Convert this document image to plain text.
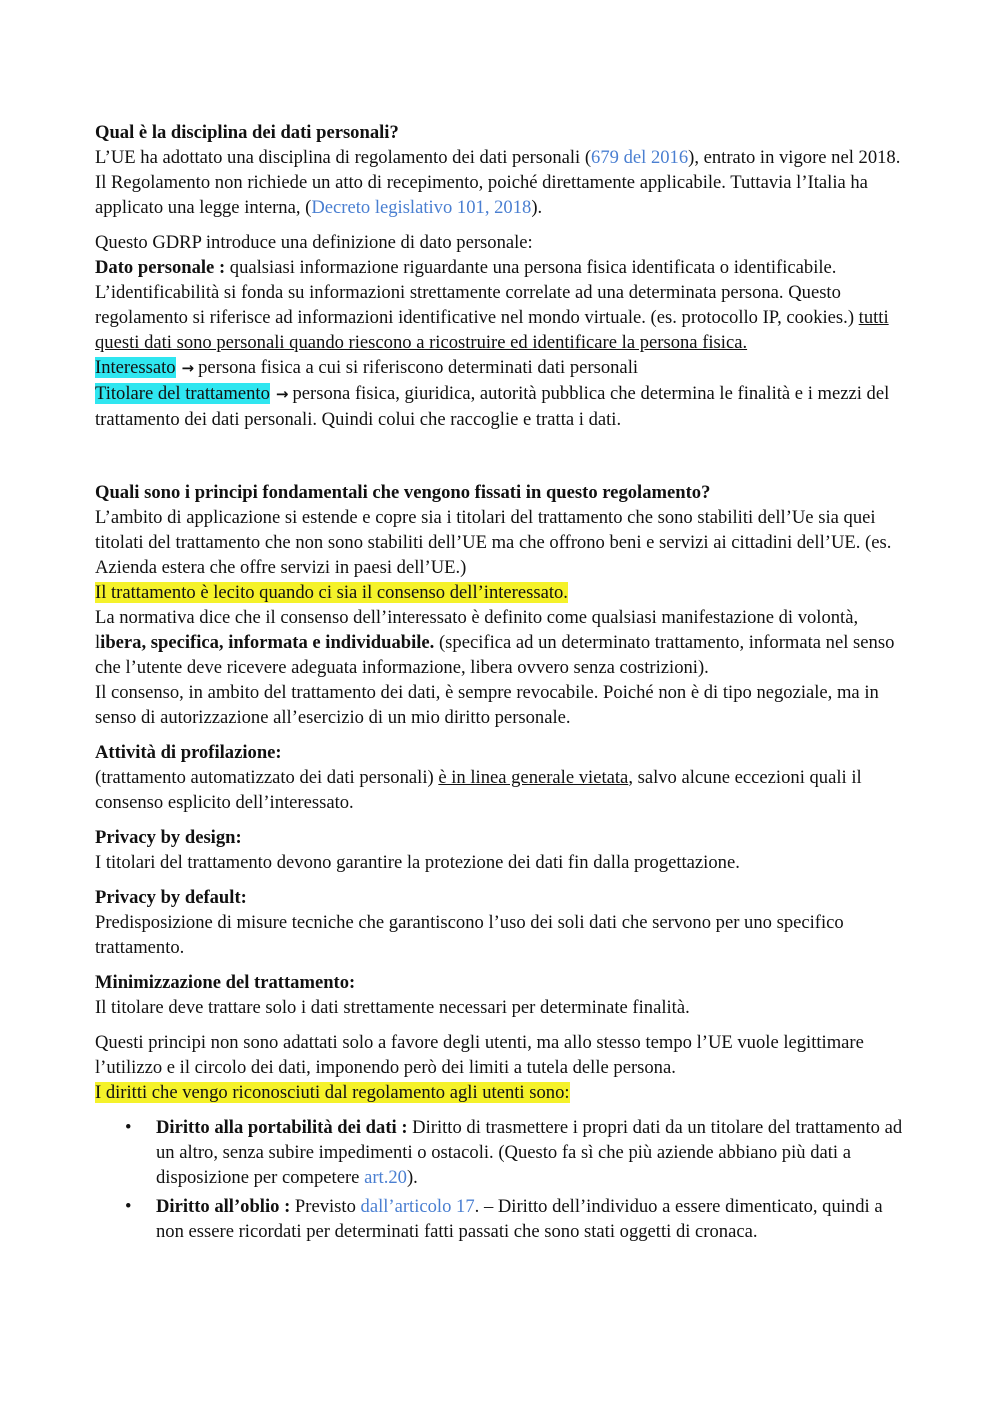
Qual è la disciplina dei dati personali?

L’UE ha adottato una disciplina di regolamento dei dati personali (679 del 2016), entrato in vigore nel 2018. Il Regolamento non richiede un atto di recepimento, poiché direttamente applicabile. Tuttavia l’Italia ha applicato una legge interna, (Decreto legislativo 101, 2018).

Questo GDRP introduce una definizione di dato personale:

Dato personale : qualsiasi informazione riguardante una persona fisica identificata o identificabile. L’identificabilità si fonda su informazioni strettamente correlate ad una determinata persona. Questo regolamento si riferisce ad informazioni identificative nel mondo virtuale. (es. protocollo IP, cookies.) tutti questi dati sono personali quando riescono a ricostruire ed identificare la persona fisica.

Interessato → persona fisica a cui si riferiscono determinati dati personali

Titolare del trattamento → persona fisica, giuridica, autorità pubblica che determina le finalità e i mezzi del trattamento dei dati personali. Quindi colui che raccoglie e tratta i dati.

Quali sono i principi fondamentali che vengono fissati in questo regolamento?

L’ambito di applicazione si estende e copre sia i titolari del trattamento che sono stabiliti dell’Ue sia quei titolati del trattamento che non sono stabiliti dell’UE ma che offrono beni e servizi ai cittadini dell’UE. (es. Azienda estera che offre servizi in paesi dell’UE.)

Il trattamento è lecito quando ci sia il consenso dell’interessato.

La normativa dice che il consenso dell’interessato è definito come qualsiasi manifestazione di volontà, libera, specifica, informata e individuabile. (specifica ad un determinato trattamento, informata nel senso che l’utente deve ricevere adeguata informazione, libera ovvero senza costrizioni).

Il consenso, in ambito del trattamento dei dati, è sempre revocabile. Poiché non è di tipo negoziale, ma in senso di autorizzazione all’esercizio di un mio diritto personale.

Attività di profilazione:

(trattamento automatizzato dei dati personali) è in linea generale vietata, salvo alcune eccezioni quali il consenso esplicito dell’interessato.

Privacy by design:

I titolari del trattamento devono garantire la protezione dei dati fin dalla progettazione.

Privacy by default:

Predisposizione di misure tecniche che garantiscono l’uso dei soli dati che servono per uno specifico trattamento.

Minimizzazione del trattamento:

Il titolare deve trattare solo i dati strettamente necessari per determinate finalità.

Questi principi non sono adattati solo a favore degli utenti, ma allo stesso tempo l’UE vuole legittimare l’utilizzo e il circolo dei dati, imponendo però dei limiti a tutela delle persona.

I diritti che vengo riconosciuti dal regolamento agli utenti sono:

• Diritto alla portabilità dei dati : Diritto di trasmettere i propri dati da un titolare del trattamento ad un altro, senza subire impedimenti o ostacoli. (Questo fa sì che più aziende abbiano più dati a disposizione per competere art.20).
• Diritto all’oblio : Previsto dall’articolo 17. – Diritto dell’individuo a essere dimenticato, quindi a non essere ricordati per determinati fatti passati che sono stati oggetti di cronaca.
